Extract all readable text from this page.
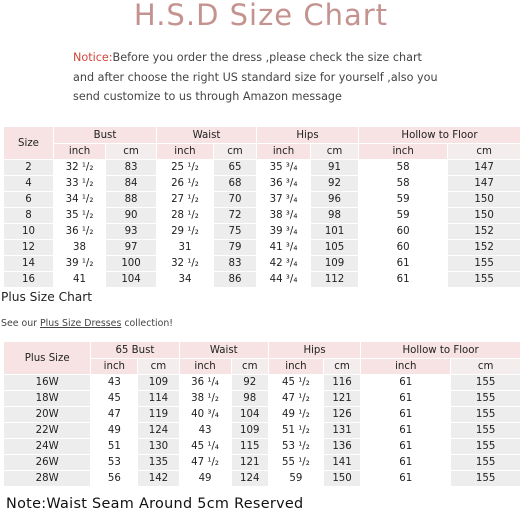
H.S.D Size Chart
Notice:Before you order the dress ,please check the size chart and after choose the right US standard size for yourself ,also you send customize to us through Amazon message
Size	Bust		Waist		Hips		Hollow to Floor	
	inch	cm	inch	cm	inch	cm	inch	cm
2	32 ¹/₂	83	25 ¹/₂	65	35 ³/₄	91	58	147
4	33 ¹/₂	84	26 ¹/₂	68	36 ³/₄	92	58	147
6	34 ¹/₂	88	27 ¹/₂	70	37 ³/₄	96	59	150
8	35 ¹/₂	90	28 ¹/₂	72	38 ³/₄	98	59	150
10	36 ¹/₂	93	29 ¹/₂	75	39 ³/₄	101	60	152
12	38	97	31	79	41 ³/₄	105	60	152
14	39 ¹/₂	100	32 ¹/₂	83	42 ³/₄	109	61	155
16	41	104	34	86	44 ³/₄	112	61	155
Plus Size Chart
See our Plus Size Dresses collection!
Plus Size	65 Bust		Waist		Hips		Hollow to Floor	
	inch	cm	inch	cm	inch	cm	inch	cm
16W	43	109	36 ¹/₄	92	45 ¹/₂	116	61	155
18W	45	114	38 ¹/₂	98	47 ¹/₂	121	61	155
20W	47	119	40 ³/₄	104	49 ¹/₂	126	61	155
22W	49	124	43	109	51 ¹/₂	131	61	155
24W	51	130	45 ¹/₄	115	53 ¹/₂	136	61	155
26W	53	135	47 ¹/₂	121	55 ¹/₂	141	61	155
28W	56	142	49	124	59	150	61	155
Note:Waist Seam Around 5cm Reserved
